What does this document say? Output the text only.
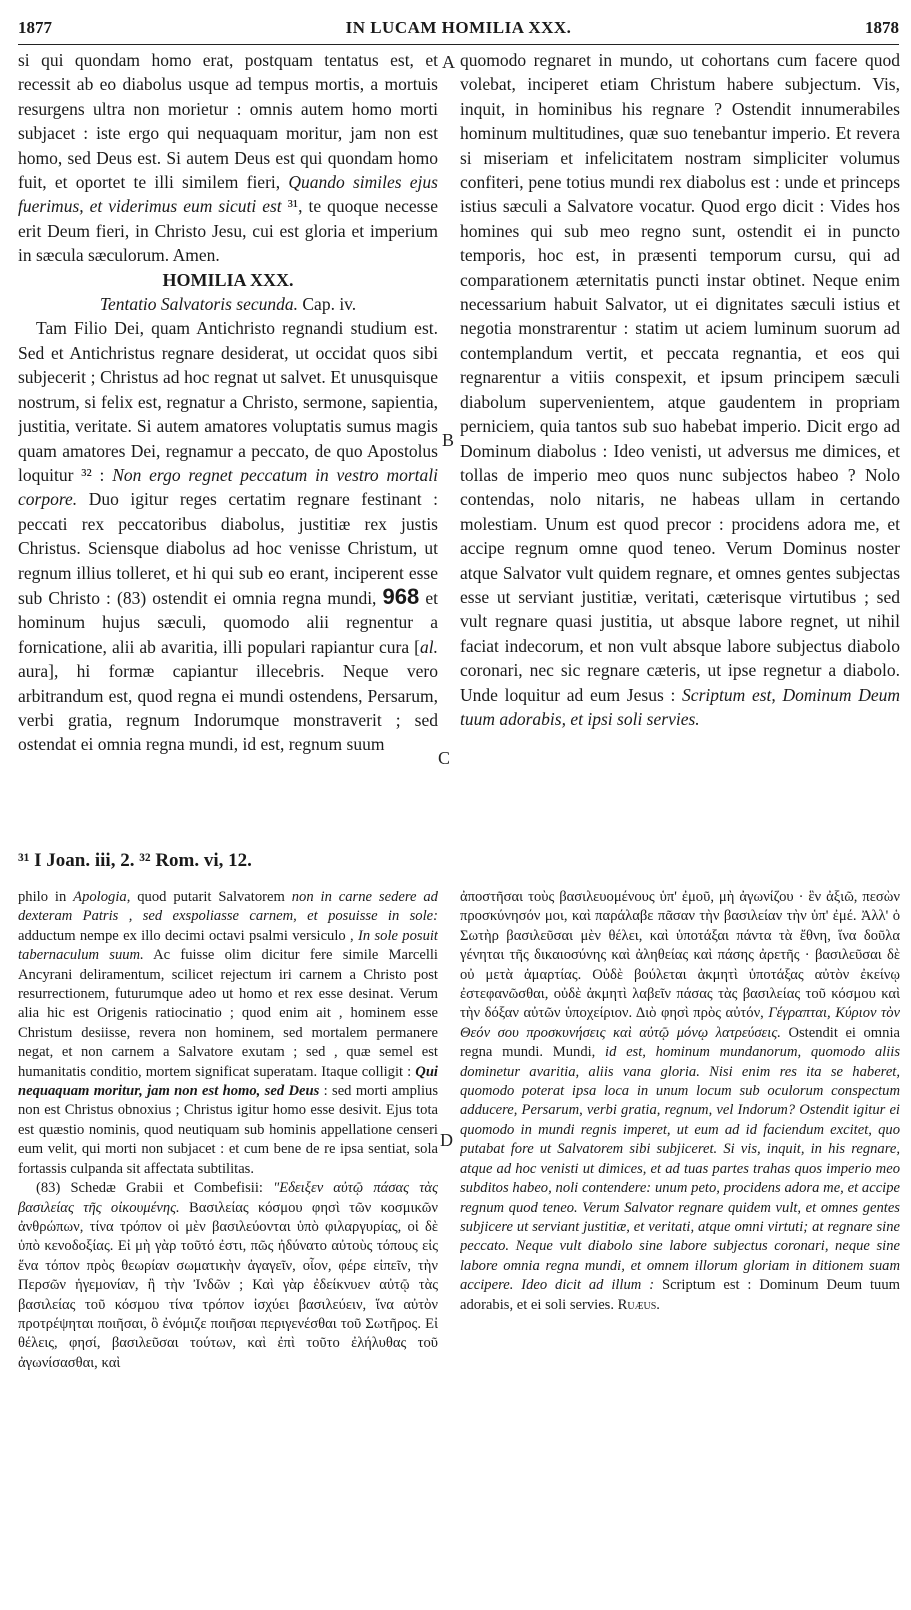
1877	IN LUCAM HOMILIA XXX.	1878
A
B
C
D

si qui quondam homo erat, postquam tentatus est, et recessit ab eo diabolus usque ad tempus mortis, a mortuis resurgens ultra non morietur : omnis autem homo morti subjacet : iste ergo qui nequaquam moritur, jam non est homo, sed Deus est. Si autem Deus est qui quondam homo fuit, et oportet te illi similem fieri, Quando similes ejus fuerimus, et viderimus eum sicuti est ³¹, te quoque necesse erit Deum fieri, in Christo Jesu, cui est gloria et imperium in sæcula sæculorum. Amen.

HOMILIA XXX.

Tentatio Salvatoris secunda. Cap. iv.

Tam Filio Dei, quam Antichristo regnandi studium est. Sed et Antichristus regnare desiderat, ut occidat quos sibi subjecerit ; Christus ad hoc regnat ut salvet. Et unusquisque nostrum, si felix est, regnatur a Christo, sermone, sapientia, justitia, veritate. Si autem amatores voluptatis sumus magis quam amatores Dei, regnamur a peccato, de quo Apostolus loquitur ³² : Non ergo regnet peccatum in vestro mortali corpore. Duo igitur reges certatim regnare festinant : peccati rex peccatoribus diabolus, justitiæ rex justis Christus. Sciensque diabolus ad hoc venisse Christum, ut regnum illius tolleret, et hi qui sub eo erant, inciperent esse sub Christo : (83) ostendit ei omnia regna mundi, 968 et hominum hujus sæculi, quomodo alii regnentur a fornicatione, alii ab avaritia, illi populari rapiantur cura [al. aura], hi formæ capiantur illecebris. Neque vero arbitrandum est, quod regna ei mundi ostendens, Persarum, verbi gratia, regnum Indorumque monstraverit ; sed ostendat ei omnia regna mundi, id est, regnum suum

quomodo regnaret in mundo, ut cohortans cum facere quod volebat, inciperet etiam Christum habere subjectum. Vis, inquit, in hominibus his regnare ? Ostendit innumerabiles hominum multitudines, quæ suo tenebantur imperio. Et revera si miseriam et infelicitatem nostram simpliciter volumus confiteri, pene totius mundi rex diabolus est : unde et princeps istius sæculi a Salvatore vocatur. Quod ergo dicit : Vides hos homines qui sub meo regno sunt, ostendit ei in puncto temporis, hoc est, in præsenti temporum cursu, qui ad comparationem æternitatis puncti instar obtinet. Neque enim necessarium habuit Salvator, ut ei dignitates sæculi istius et negotia monstrarentur : statim ut aciem luminum suorum ad contemplandum vertit, et peccata regnantia, et eos qui regnarentur a vitiis conspexit, et ipsum principem sæculi diabolum supervenientem, atque gaudentem in propriam perniciem, quia tantos sub suo habebat imperio. Dicit ergo ad Dominum diabolus : Ideo venisti, ut adversus me dimices, et tollas de imperio meo quos nunc subjectos habeo ? Nolo contendas, nolo nitaris, ne habeas ullam in certando molestiam. Unum est quod precor : procidens adora me, et accipe regnum omne quod teneo. Verum Dominus noster atque Salvator vult quidem regnare, et omnes gentes subjectas esse ut serviant justitiæ, veritati, cæterisque virtutibus ; sed vult regnare quasi justitia, ut absque labore regnet, ut nihil faciat indecorum, et non vult absque labore subjectus diabolo coronari, nec sic regnare cæteris, ut ipse regnetur a diabolo. Unde loquitur ad eum Jesus : Scriptum est, Dominum Deum tuum adorabis, et ipsi soli servies.

³¹ I Joan. iii, 2. ³² Rom. vi, 12.

philo in Apologia, quod putarit Salvatorem non in carne sedere ad dexteram Patris , sed exspoliasse carnem, et posuisse in sole: adductum nempe ex illo decimi octavi psalmi versiculo , In sole posuit tabernaculum suum. Ac fuisse olim dicitur fere simile Marcelli Ancyrani deliramentum, scilicet rejectum iri carnem a Christo post resurrectionem, futurumque adeo ut homo et rex esse desinat. Verum alia hic est Origenis ratiocinatio ; quod enim ait , hominem esse Christum desiisse, revera non hominem, sed mortalem permanere negat, et non carnem a Salvatore exutam ; sed , quæ semel est humanitatis conditio, mortem significat superatam. Itaque colligit : Qui nequaquam moritur, jam non est homo, sed Deus : sed morti amplius non est Christus obnoxius ; Christus igitur homo esse desivit. Ejus tota est quæstio nominis, quod neutiquam sub hominis appellatione censeri eum velit, qui morti non subjacet : et cum bene de re ipsa sentiat, sola fortassis culpanda sit affectata subtilitas.

(83) Schedæ Grabii et Combefisii: "Εδειξεν αὐτῷ πάσας τὰς βασιλείας τῆς οἰκουμένης. Βασιλείας κόσμου φησὶ τῶν κοσμικῶν ἀνθρώπων, τίνα τρόπον οἱ μὲν βασιλεύονται ὑπὸ φιλαργυρίας, οἱ δὲ ὑπὸ κενοδοξίας. Εἰ μὴ γὰρ τοῦτό ἐστι, πῶς ἠδύνατο αὐτοὺς τόπους εἰς ἕνα τόπον πρὸς θεωρίαν σωματικὴν ἀγαγεῖν, οἷον, φέρε εἰπεῖν, τὴν Περσῶν ἡγεμονίαν, ἢ τὴν Ἰνδῶν ; Καὶ γὰρ ἐδείκνυεν αὐτῷ τὰς βασιλείας τοῦ κόσμου τίνα τρόπον ἰσχύει βασιλεύειν, ἵνα αὐτὸν προτρέψηται ποιῆσαι, ὃ ἐνόμιζε ποιῆσαι περιγενέσθαι τοῦ Σωτῆρος. Εἰ θέλεις, φησί, βασιλεῦσαι τούτων, καὶ ἐπὶ τοῦτο ἐλήλυθας τοῦ ἀγωνίσασθαι, καὶ

ἀποστῆσαι τοὺς βασιλευομένους ὑπ' ἐμοῦ, μὴ ἀγωνίζου · ἓν ἀξιῶ, πεσὼν προσκύνησόν μοι, καὶ παράλαβε πᾶσαν τὴν βασιλείαν τὴν ὑπ' ἐμέ. Ἀλλ' ὁ Σωτὴρ βασιλεῦσαι μὲν θέλει, καὶ ὑποτάξαι πάντα τὰ ἔθνη, ἵνα δοῦλα γένηται τῆς δικαιοσύνης καὶ ἀληθείας καὶ πάσης ἀρετῆς · βασιλεῦσαι δὲ οὐ μετὰ ἁμαρτίας. Οὐδὲ βούλεται ἀκμητὶ ὑποτάξας αὐτὸν ἐκείνῳ ἐστεφανῶσθαι, οὐδὲ ἀκμητὶ λαβεῖν πάσας τὰς βασιλείας τοῦ κόσμου καὶ τὴν δόξαν αὐτῶν ὑποχείριον. Διὸ φησὶ πρὸς αὐτόν, Γέγραπται, Κύριον τὸν Θεόν σου προσκυνήσεις καὶ αὐτῷ μόνῳ λατρεύσεις. Ostendit ei omnia regna mundi. Mundi, id est, hominum mundanorum, quomodo aliis dominetur avaritia, aliis vana gloria. Nisi enim res ita se haberet, quomodo poterat ipsa loca in unum locum sub oculorum conspectum adducere, Persarum, verbi gratia, regnum, vel Indorum? Ostendit igitur ei quomodo in mundi regnis imperet, ut eum ad id faciendum excitet, quo putabat fore ut Salvatorem sibi subjiceret. Si vis, inquit, in his regnare, atque ad hoc venisti ut dimices, et ad tuas partes trahas quos imperio meo subditos habeo, noli contendere: unum peto, procidens adora me, et accipe regnum quod teneo. Verum Salvator regnare quidem vult, et omnes gentes subjicere ut serviant justitiæ, et veritati, atque omni virtuti; at regnare sine peccato. Neque vult diabolo sine labore subjectus coronari, neque sine labore omnia regna mundi, et omnem illorum gloriam in ditionem suam accipere. Ideo dicit ad illum : Scriptum est : Dominum Deum tuum adorabis, et ei soli servies. Ruæus.
